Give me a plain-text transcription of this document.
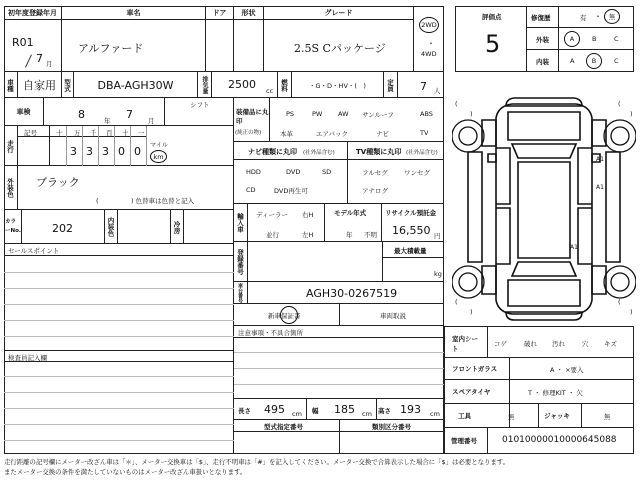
初年度登録年月
R01
7 月
車名
アルファード
ドア 形状	グレード
2.5S Cパッケージ
2WD
・
4WD
車種 自家用 型式 DBA-AGH30W	排気量 2500 cc 燃料	・G・D・HV・(　)	定員 7 人
車検	8	年 7 月
シフト
走行
記号	十 万 千 百 十 一
3 3 3 0 0 マイル
km
外装色 ブラック
(　　　　　) 色替車は色替と記入
カラーNo.	202	内装色	冷房
セールスポイント
検査員記入欄
装備品に丸印
(純正の物)
PS	PW AW サンルーフ	ABS
本革	エアバック	ナビ	TV
ナビ種類に丸印 (社外品含む)
HDD	DVD	SD
CD	DVD再生可
TV種類に丸印 (社外品含む)
フルセグ	ワンセグ
アナログ
輸入車 ディーラー
並行
右H
左H
モデル年式
年 不明
リサイクル預託金
16,550 円
登録番号	最大積載量
kg
車台番号	AGH30-0267519
新車保証書	車両取説
注意事項・不具合箇所
長さ 495 cm 幅 185 cm 高さ 193 cm
型式指定番号	類別区分番号
評価点
5
修復歴	有 ・ 無
外装	A	B	C
内装	A	B	C
(
)
(
)
(
)
(
)
A1
A1
A1
室内シート
コゲ	破れ 汚れ	穴 キズ
フロントガラス	A ・ ×要入
スペアタイヤ	T ・ 修理KIT ・ 欠
工具	無	ジャッキ	無
管理番号	01010000010000645088
走行距離の記号欄にメーター改ざん車は「＊」、メーター交換車は「$」、走行不明車は「#」を記入してください。メーター交換で合算表示した場合に「$」は必要となります。
またメーター交換の条件を満たしていないものはメーター改ざん車扱いとなります。
